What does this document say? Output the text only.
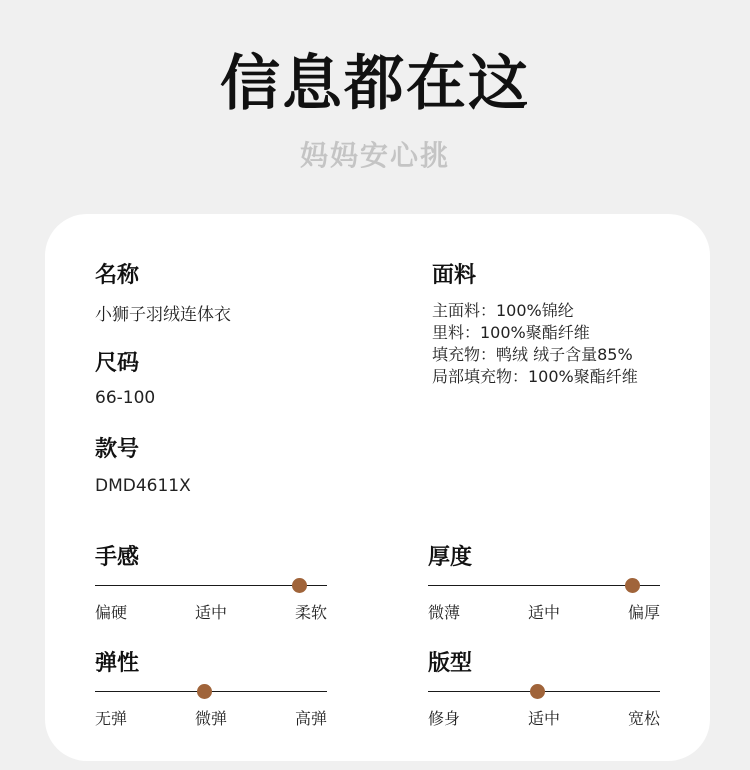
信息都在这
妈妈安心挑
名称
小狮子羽绒连体衣
尺码
66-100
款号
DMD4611X
面料
主面料：100%锦纶
里料：100%聚酯纤维
填充物：鸭绒 绒子含量85%
局部填充物：100%聚酯纤维
手感
偏硬	适中	柔软
厚度
微薄	适中	偏厚
弹性
无弹	微弹	高弹
版型
修身	适中	宽松
